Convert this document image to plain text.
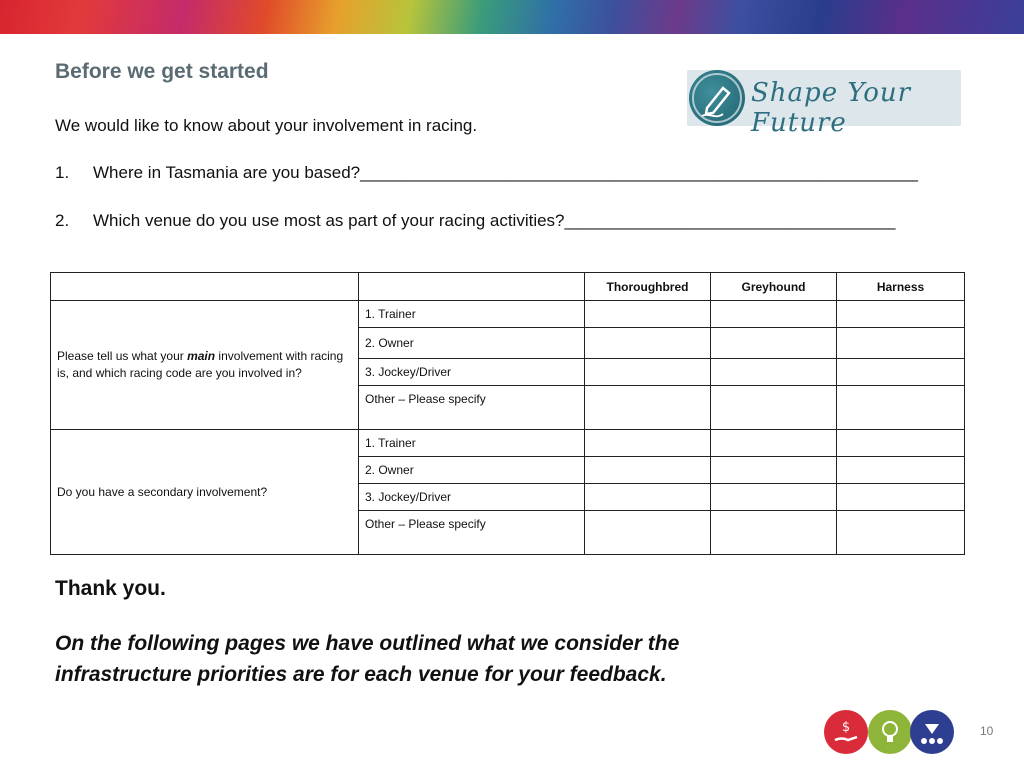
Before we get started
Shape Your Future
We would like to know about your involvement in racing.
1. Where in Tasmania are you based?___________________________________________________________
2. Which venue do you use most as part of your racing activities?___________________________________
		Thoroughbred	Greyhound	Harness
Please tell us what your main involvement with racing is, and which racing code are you involved in?	1. Trainer			
	2. Owner			
	3. Jockey/Driver			
	Other – Please specify			
Do you have a secondary involvement?	1. Trainer			
	2. Owner			
	3. Jockey/Driver			
	Other – Please specify			
Thank you.
On the following pages we have outlined what we consider the
infrastructure priorities are for each venue for your feedback.
$	10
